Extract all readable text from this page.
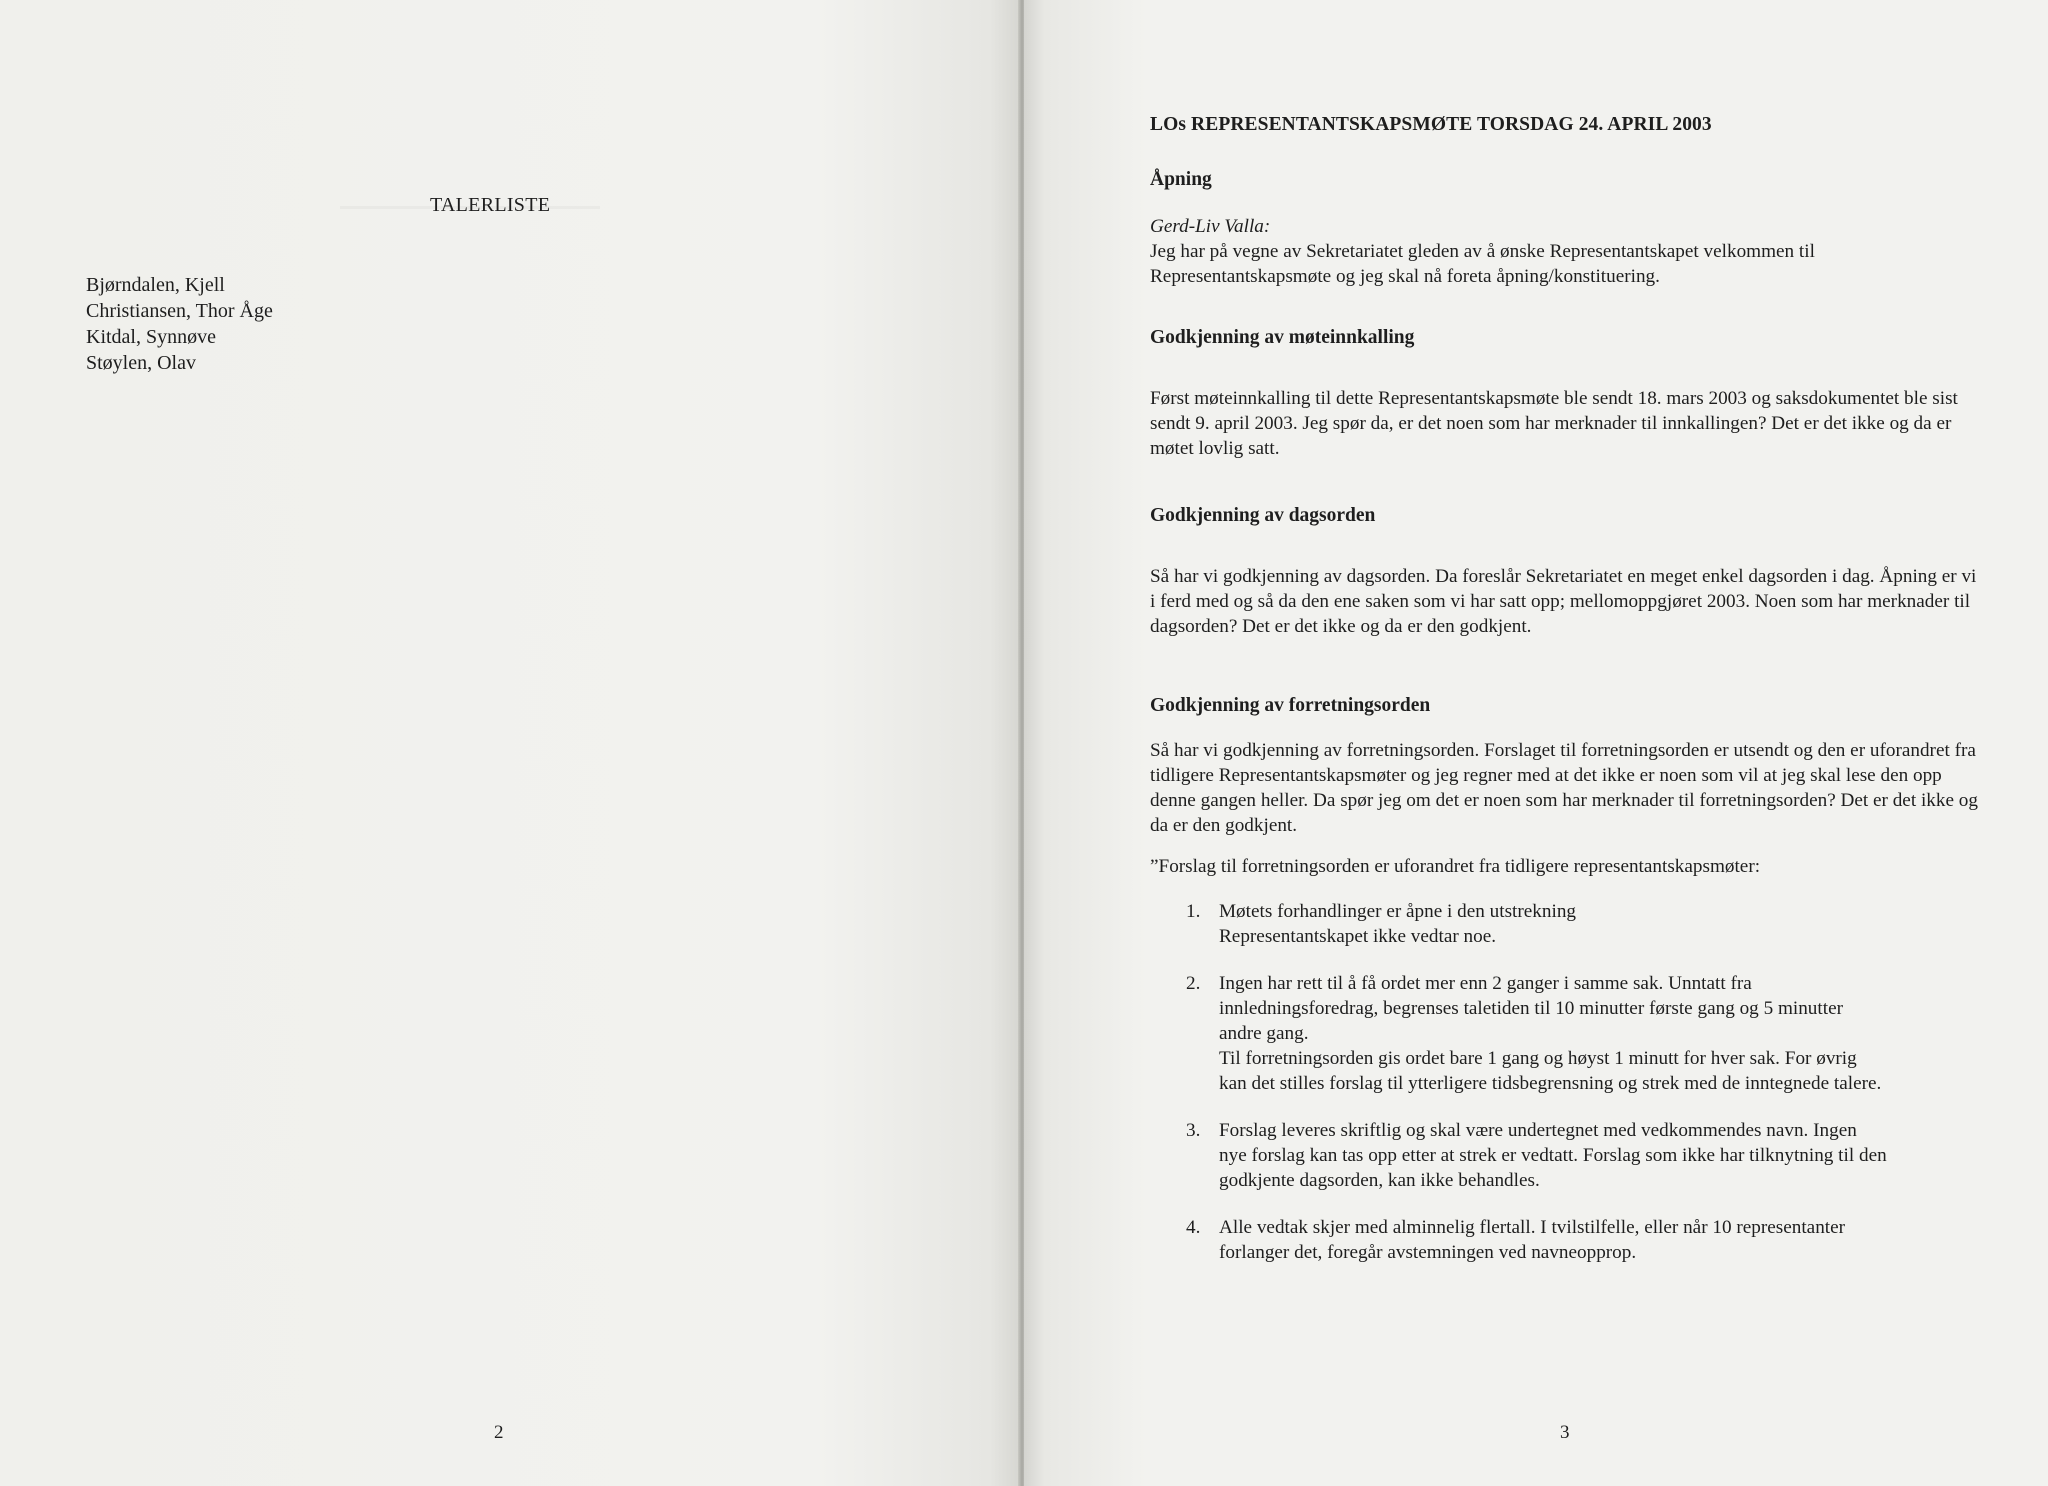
TALERLISTE
Bjørndalen, Kjell
Christiansen, Thor Åge
Kitdal, Synnøve
Støylen, Olav
2	3
LOs REPRESENTANTSKAPSMØTE TORSDAG 24. APRIL 2003
Åpning

Gerd-Liv Valla:

Jeg har på vegne av Sekretariatet gleden av å ønske Representantskapet velkommen til Representantskapsmøte og jeg skal nå foreta åpning/konstituering.

Godkjenning av møteinnkalling

Først møteinnkalling til dette Representantskapsmøte ble sendt 18. mars 2003 og saksdokumentet ble sist sendt 9. april 2003. Jeg spør da, er det noen som har merknader til innkallingen? Det er det ikke og da er møtet lovlig satt.

Godkjenning av dagsorden

Så har vi godkjenning av dagsorden. Da foreslår Sekretariatet en meget enkel dagsorden i dag. Åpning er vi i ferd med og så da den ene saken som vi har satt opp; mellomoppgjøret 2003. Noen som har merknader til dagsorden? Det er det ikke og da er den godkjent.

Godkjenning av forretningsorden

Så har vi godkjenning av forretningsorden. Forslaget til forretningsorden er utsendt og den er uforandret fra tidligere Representantskapsmøter og jeg regner med at det ikke er noen som vil at jeg skal lese den opp denne gangen heller. Da spør jeg om det er noen som har merknader til forretningsorden? Det er det ikke og da er den godkjent.

”Forslag til forretningsorden er uforandret fra tidligere representantskapsmøter:

1. Møtets forhandlinger er åpne i den utstrekning
Representantskapet ikke vedtar noe.
2. Ingen har rett til å få ordet mer enn 2 ganger i samme sak. Unntatt fra
innledningsforedrag, begrenses taletiden til 10 minutter første gang og 5 minutter
andre gang.
Til forretningsorden gis ordet bare 1 gang og høyst 1 minutt for hver sak. For øvrig
kan det stilles forslag til ytterligere tidsbegrensning og strek med de inntegnede talere.
3. Forslag leveres skriftlig og skal være undertegnet med vedkommendes navn. Ingen
nye forslag kan tas opp etter at strek er vedtatt. Forslag som ikke har tilknytning til den
godkjente dagsorden, kan ikke behandles.
4. Alle vedtak skjer med alminnelig flertall. I tvilstilfelle, eller når 10 representanter
forlanger det, foregår avstemningen ved navneopprop.
